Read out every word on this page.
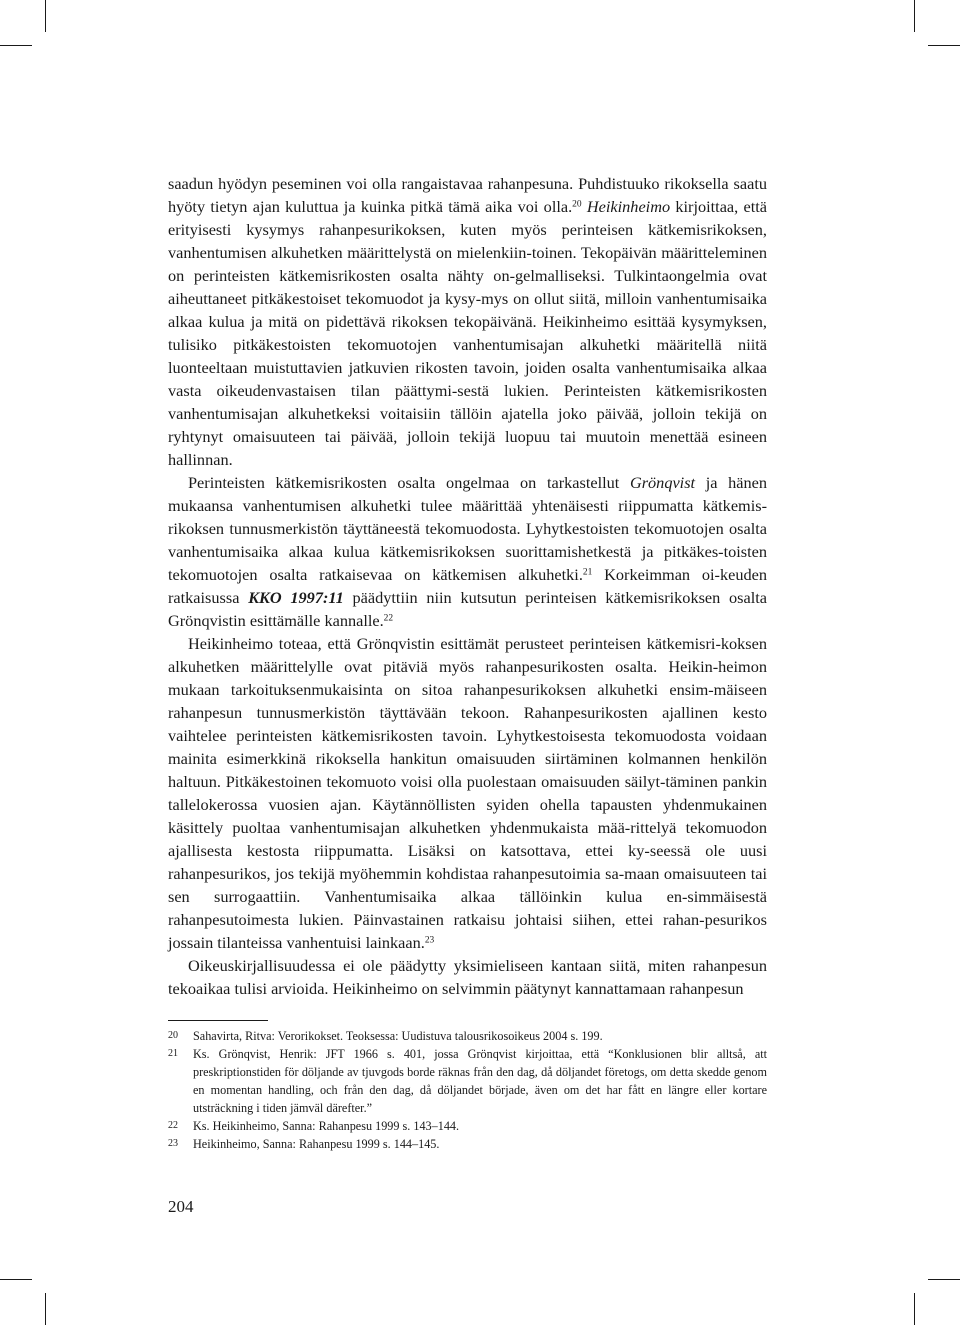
saadun hyödyn peseminen voi olla rangaistavaa rahanpesuna. Puhdistuuko rikoksella saatu hyöty tietyn ajan kuluttua ja kuinka pitkä tämä aika voi olla.$^{20}$ Heikinheimo kirjoittaa, että erityisesti kysymys rahanpesurikoksen, kuten myös perinteisen kätkemisrikoksen, vanhentumisen alkuhetken määrittelystä on mielenkiin-toinen. Tekopäivän määritteleminen on perinteisten kätkemisrikosten osalta nähty on-gelmalliseksi. Tulkintaongelmia ovat aiheuttaneet pitkäkestoiset tekomuodot ja kysy-mys on ollut siitä, milloin vanhentumisaika alkaa kulua ja mitä on pidettävä rikoksen tekopäivänä. Heikinheimo esittää kysymyksen, tulisiko pitkäkestoisten tekomuotojen vanhentumisajan alkuhetki määritellä niitä luonteeltaan muistuttavien jatkuvien rikosten tavoin, joiden osalta vanhentumisaika alkaa vasta oikeudenvastaisen tilan päättymi-sestä lukien. Perinteisten kätkemisrikosten vanhentumisajan alkuhetkeksi voitaisiin tällöin ajatella joko päivää, jolloin tekijä on ryhtynyt omaisuuteen tai päivää, jolloin tekijä luopuu tai muutoin menettää esineen hallinnan.

Perinteisten kätkemisrikosten osalta ongelmaa on tarkastellut Grönqvist ja hänen mukaansa vanhentumisen alkuhetki tulee määrittää yhtenäisesti riippumatta kätkemis-rikoksen tunnusmerkistön täyttäneestä tekomuodosta. Lyhytkestoisten tekomuotojen osalta vanhentumisaika alkaa kulua kätkemisrikoksen suorittamishetkestä ja pitkäkes-toisten tekomuotojen osalta ratkaisevaa on kätkemisen alkuhetki.$^{21}$ Korkeimman oi-keuden ratkaisussa KKO 1997:11 päädyttiin niin kutsutun perinteisen kätkemisrikoksen osalta Grönqvistin esittämälle kannalle.$^{22}$

Heikinheimo toteaa, että Grönqvistin esittämät perusteet perinteisen kätkemisri-koksen alkuhetken määrittelylle ovat pitäviä myös rahanpesurikosten osalta. Heikin-heimon mukaan tarkoituksenmukaisinta on sitoa rahanpesurikoksen alkuhetki ensim-mäiseen rahanpesun tunnusmerkistön täyttävään tekoon. Rahanpesurikosten ajallinen kesto vaihtelee perinteisten kätkemisrikosten tavoin. Lyhytkestoisesta tekomuodosta voidaan mainita esimerkkinä rikoksella hankitun omaisuuden siirtäminen kolmannen henkilön haltuun. Pitkäkestoinen tekomuoto voisi olla puolestaan omaisuuden säilyt-täminen pankin tallelokerossa vuosien ajan. Käytännöllisten syiden ohella tapausten yhdenmukainen käsittely puoltaa vanhentumisajan alkuhetken yhdenmukaista mää-rittelyä tekomuodon ajallisesta kestosta riippumatta. Lisäksi on katsottava, ettei ky-seessä ole uusi rahanpesurikos, jos tekijä myöhemmin kohdistaa rahanpesutoimia sa-maan omaisuuteen tai sen surrogaattiin. Vanhentumisaika alkaa tällöinkin kulua en-simmäisestä rahanpesutoimesta lukien. Päinvastainen ratkaisu johtaisi siihen, ettei rahan-pesurikos jossain tilanteissa vanhentuisi lainkaan.$^{23}$

Oikeuskirjallisuudessa ei ole päädytty yksimieliseen kantaan siitä, miten rahanpesun tekoaikaa tulisi arvioida. Heikinheimo on selvimmin päätynyt kannattamaan rahanpesun

20	Sahavirta, Ritva: Verorikokset. Teoksessa: Uudistuva talousrikosoikeus 2004 s. 199.
21	Ks. Grönqvist, Henrik: JFT 1966 s. 401, jossa Grönqvist kirjoittaa, että “Konklusionen blir alltså, att preskriptionstiden för döljande av tjuvgods borde räknas från den dag, då döljandet företogs, om detta skedde genom en momentan handling, och från den dag, då döljandet började, även om det har fått en längre eller kortare utsträckning i tiden jämväl därefter.”
22	Ks. Heikinheimo, Sanna: Rahanpesu 1999 s. 143–144.
23	Heikinheimo, Sanna: Rahanpesu 1999 s. 144–145.
204
